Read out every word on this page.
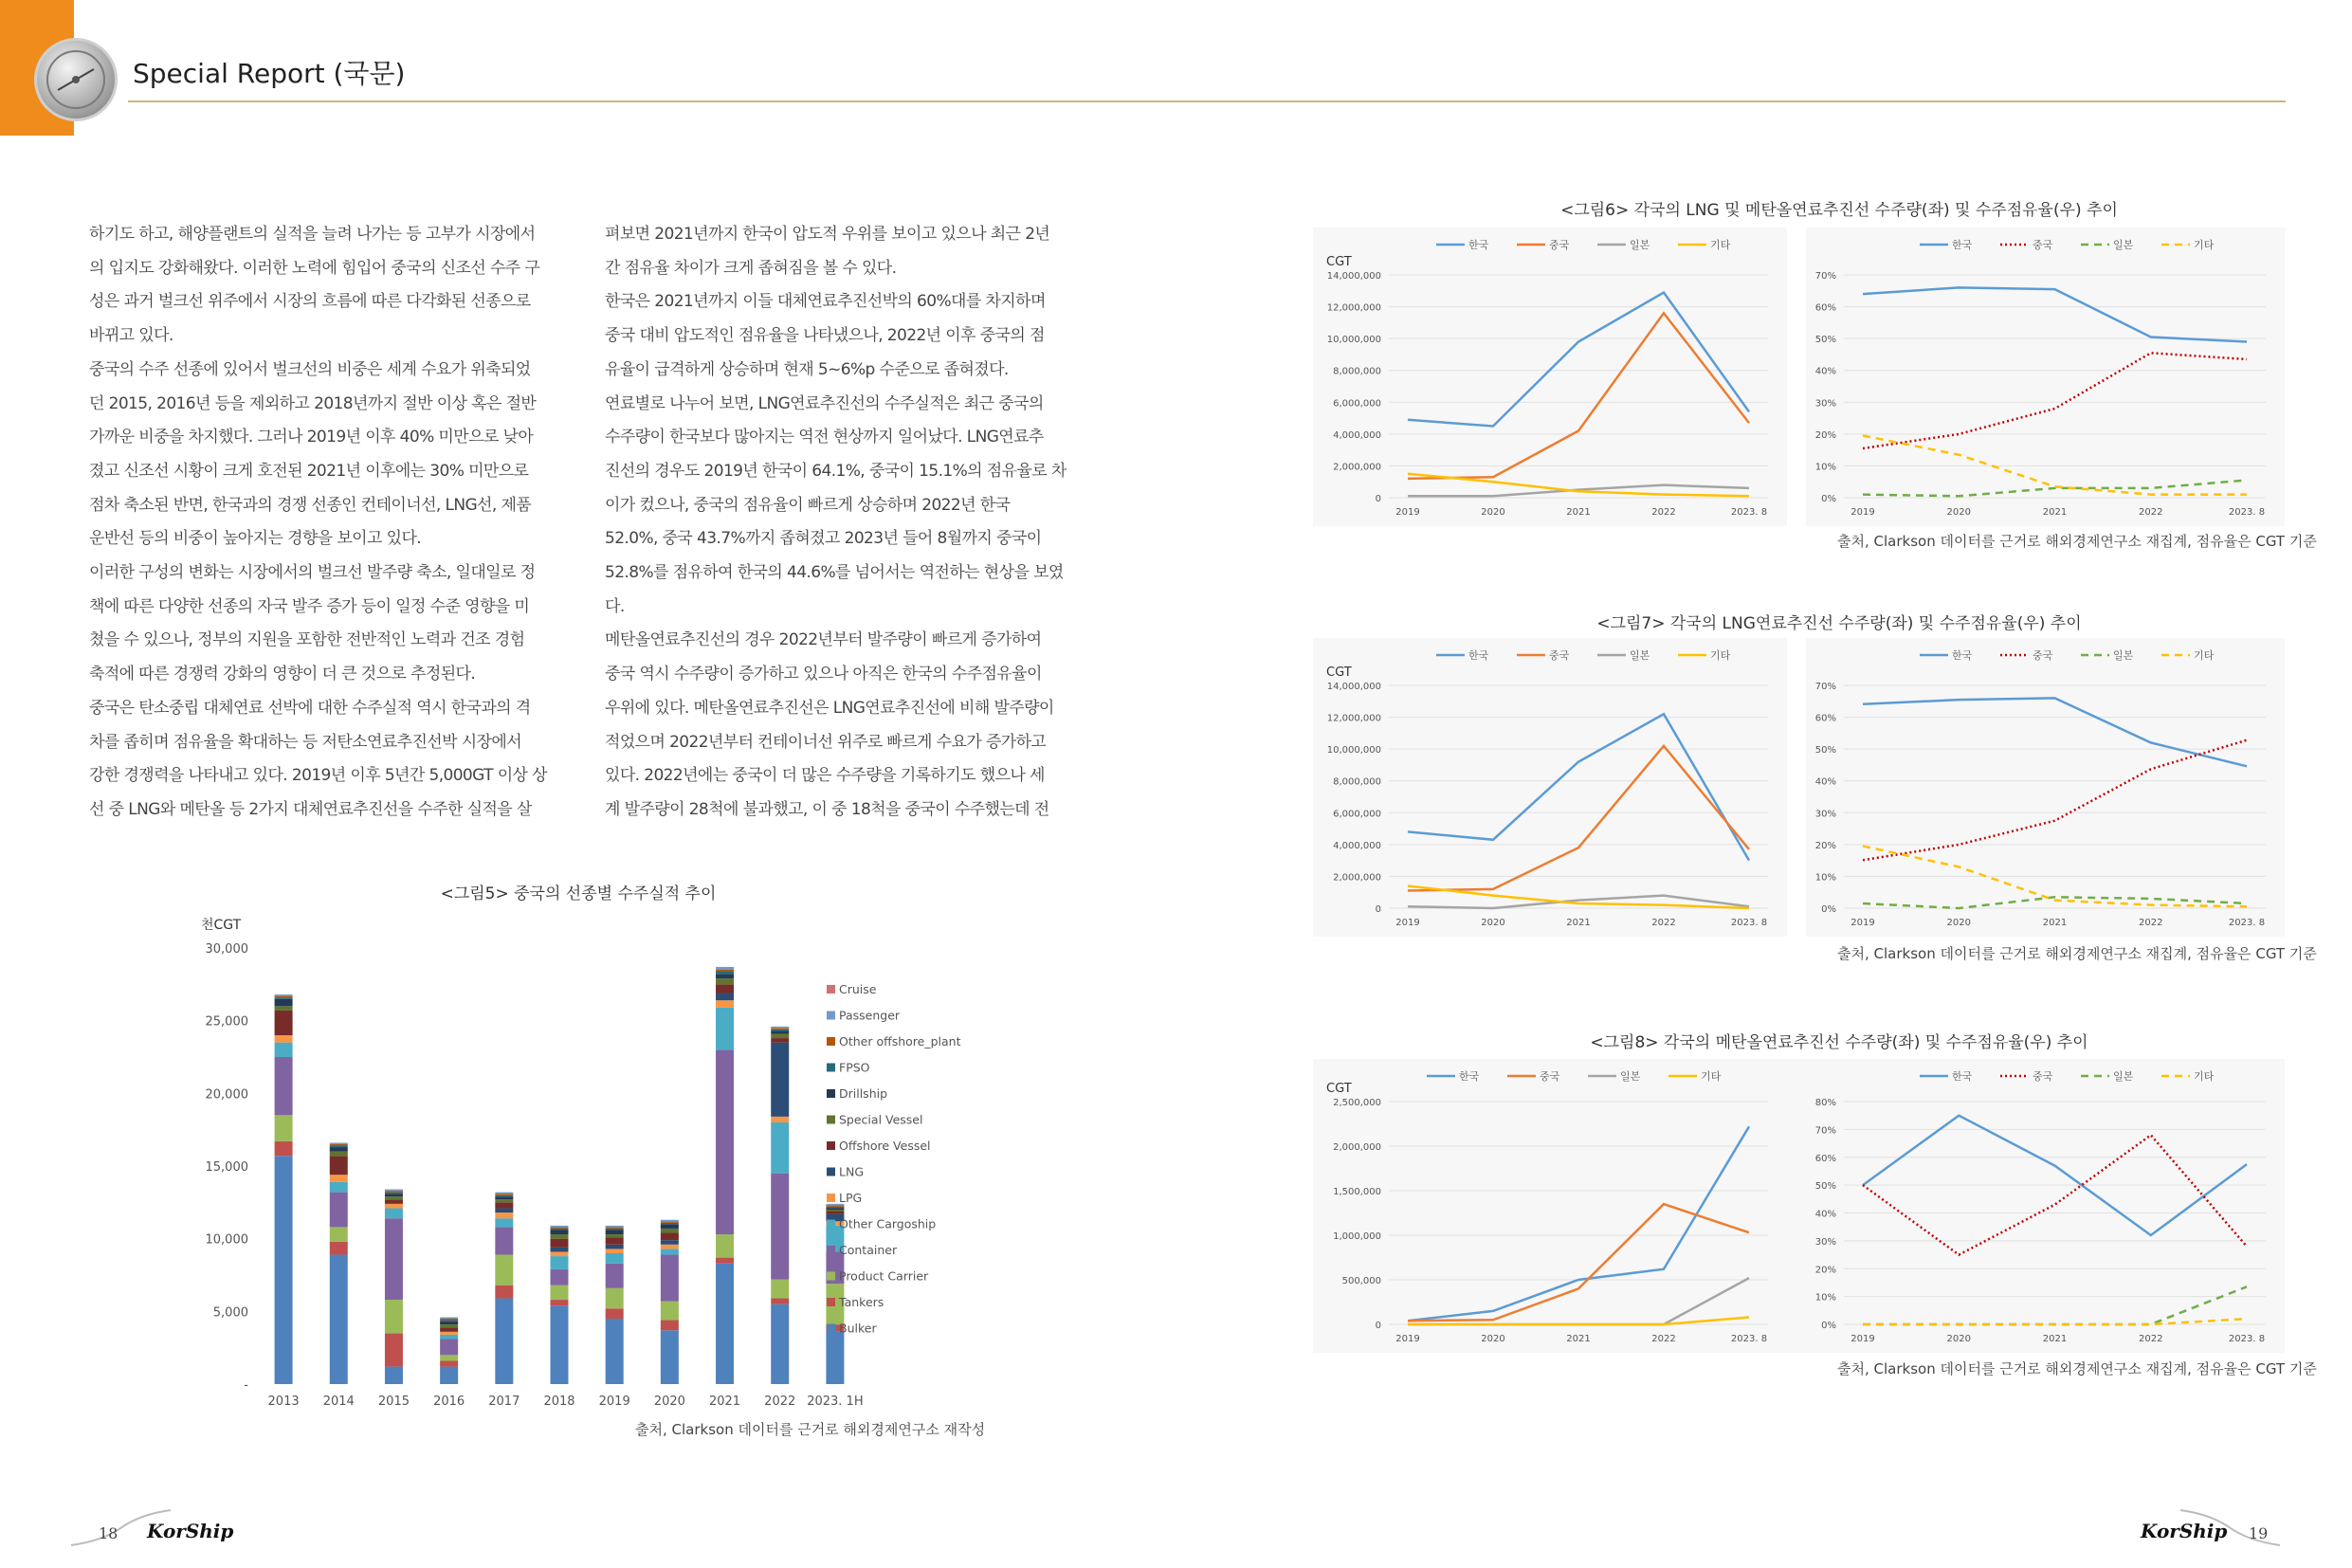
Special Report (국문)
하기도 하고, 해양플랜트의 실적을 늘려 나가는 등 고부가 시장에서
의 입지도 강화해왔다. 이러한 노력에 힘입어 중국의 신조선 수주 구
성은 과거 벌크선 위주에서 시장의 흐름에 따른 다각화된 선종으로
바뀌고 있다.
중국의 수주 선종에 있어서 벌크선의 비중은 세계 수요가 위축되었
던 2015, 2016년 등을 제외하고 2018년까지 절반 이상 혹은 절반
가까운 비중을 차지했다. 그러나 2019년 이후 40% 미만으로 낮아
졌고 신조선 시황이 크게 호전된 2021년 이후에는 30% 미만으로
점차 축소된 반면, 한국과의 경쟁 선종인 컨테이너선, LNG선, 제품
운반선 등의 비중이 높아지는 경향을 보이고 있다.
이러한 구성의 변화는 시장에서의 벌크선 발주량 축소, 일대일로 정
책에 따른 다양한 선종의 자국 발주 증가 등이 일정 수준 영향을 미
쳤을 수 있으나, 정부의 지원을 포함한 전반적인 노력과 건조 경험
축적에 따른 경쟁력 강화의 영향이 더 큰 것으로 추정된다.
중국은 탄소중립 대체연료 선박에 대한 수주실적 역시 한국과의 격
차를 좁히며 점유율을 확대하는 등 저탄소연료추진선박 시장에서
강한 경쟁력을 나타내고 있다. 2019년 이후 5년간 5,000GT 이상 상
선 중 LNG와 메탄올 등 2가지 대체연료추진선을 수주한 실적을 살
펴보면 2021년까지 한국이 압도적 우위를 보이고 있으나 최근 2년
간 점유율 차이가 크게 좁혀짐을 볼 수 있다.
한국은 2021년까지 이들 대체연료추진선박의 60%대를 차지하며
중국 대비 압도적인 점유율을 나타냈으나, 2022년 이후 중국의 점
유율이 급격하게 상승하며 현재 5~6%p 수준으로 좁혀졌다.
연료별로 나누어 보면, LNG연료추진선의 수주실적은 최근 중국의
수주량이 한국보다 많아지는 역전 현상까지 일어났다. LNG연료추
진선의 경우도 2019년 한국이 64.1%, 중국이 15.1%의 점유율로 차
이가 컸으나, 중국의 점유율이 빠르게 상승하며 2022년 한국
52.0%, 중국 43.7%까지 좁혀졌고 2023년 들어 8월까지 중국이
52.8%를 점유하여 한국의 44.6%를 넘어서는 역전하는 현상을 보였
다.
메탄올연료추진선의 경우 2022년부터 발주량이 빠르게 증가하여
중국 역시 수주량이 증가하고 있으나 아직은 한국의 수주점유율이
우위에 있다. 메탄올연료추진선은 LNG연료추진선에 비해 발주량이
적었으며 2022년부터 컨테이너선 위주로 빠르게 수요가 증가하고
있다. 2022년에는 중국이 더 많은 수주량을 기록하기도 했으나 세
계 발주량이 28척에 불과했고, 이 중 18척을 중국이 수주했는데 전
<그림5> 중국의 선종별 수주실적 추이
천CGT
-
5,000
10,000
15,000
20,000
25,000
30,000
2013 2014 2015 2016 2017 2018 2019 2020 2021 2022 2023. 1H
Cruise
Passenger
Other offshore_plant
FPSO
Drillship
Special Vessel
Offshore Vessel
LNG
LPG
Other Cargoship
Container
Product Carrier
Tankers
Bulker
출처, Clarkson 데이터를 근거로 해외경제연구소 재작성
<그림6> 각국의 LNG 및 메탄올연료추진선 수주량(좌) 및 수주점유율(우) 추이
CGT
0
2,000,000
4,000,000
6,000,000
8,000,000
10,000,000
12,000,000
14,000,000
2019	2020	2021	2022	2023. 8
한국	중국	일본	기타
0%
10%
20%
30%
40%
50%
60%
70%
2019	2020	2021	2022	2023. 8
한국	중국	일본	기타
출처, Clarkson 데이터를 근거로 해외경제연구소 재집계, 점유율은 CGT 기준
<그림7> 각국의 LNG연료추진선 수주량(좌) 및 수주점유율(우) 추이
CGT
0
2,000,000
4,000,000
6,000,000
8,000,000
10,000,000
12,000,000
14,000,000
2019	2020	2021	2022	2023. 8
한국	중국	일본	기타
0%
10%
20%
30%
40%
50%
60%
70%
2019	2020	2021	2022	2023. 8
한국	중국	일본	기타
출처, Clarkson 데이터를 근거로 해외경제연구소 재집계, 점유율은 CGT 기준
<그림8> 각국의 메탄올연료추진선 수주량(좌) 및 수주점유율(우) 추이
CGT
0
500,000
1,000,000
1,500,000
2,000,000
2,500,000
2019	2020	2021	2022	2023. 8
한국	중국	일본	기타
0%
10%
20%
30%
40%
50%
60%
70%
80%
2019	2020	2021	2022	2023. 8
한국	중국	일본	기타
출처, Clarkson 데이터를 근거로 해외경제연구소 재집계, 점유율은 CGT 기준
18 KorShip	KorShip 19
